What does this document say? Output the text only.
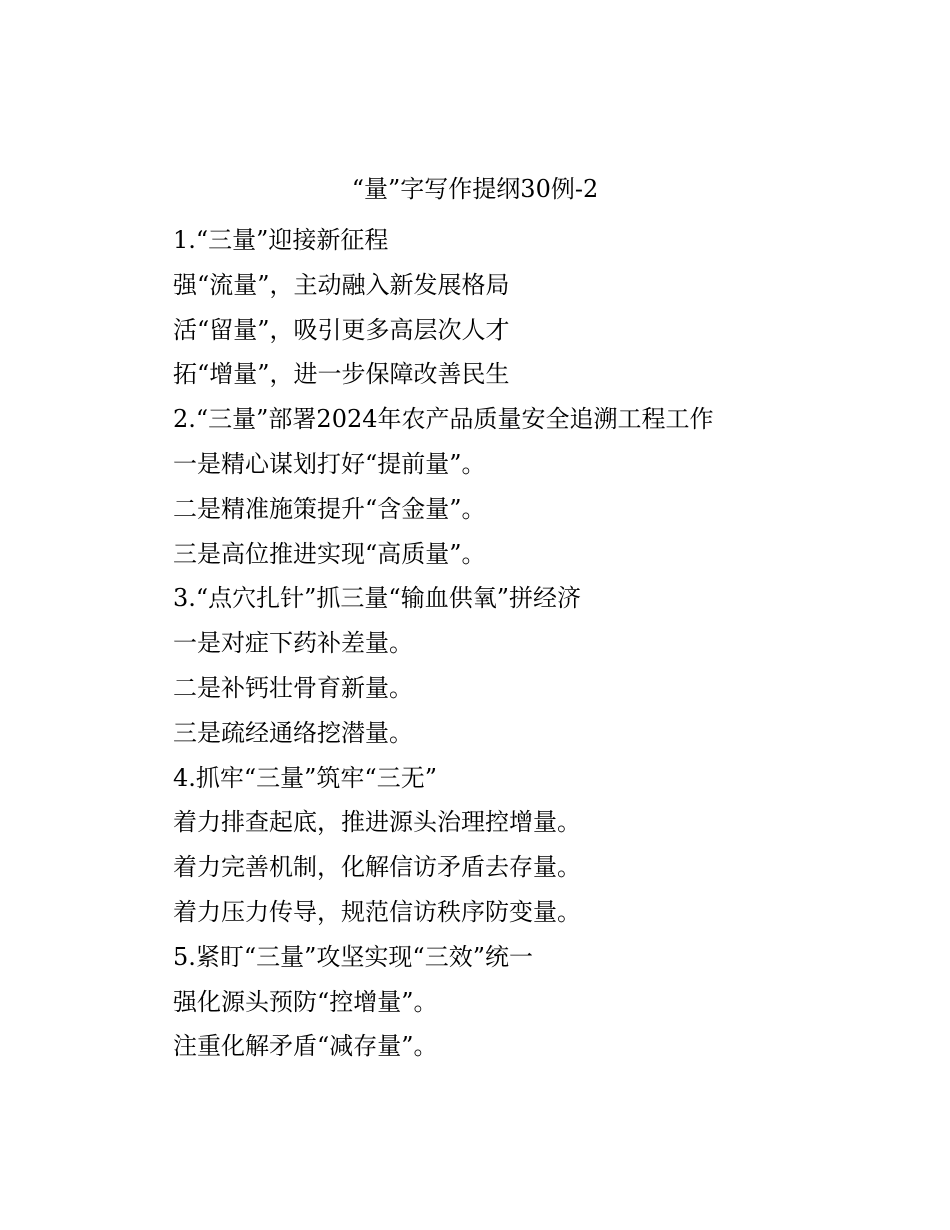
“量”字写作提纲30例-2
1.“三量”迎接新征程
强“流量”，主动融入新发展格局
活“留量”，吸引更多高层次人才
拓“增量”，进一步保障改善民生
2.“三量”部署2024年农产品质量安全追溯工程工作
一是精心谋划打好“提前量”。
二是精准施策提升“含金量”。
三是高位推进实现“高质量”。
3.“点穴扎针”抓三量“输血供氧”拼经济
一是对症下药补差量。
二是补钙壮骨育新量。
三是疏经通络挖潜量。
4.抓牢“三量”筑牢“三无”
着力排查起底，推进源头治理控增量。
着力完善机制，化解信访矛盾去存量。
着力压力传导，规范信访秩序防变量。
5.紧盯“三量”攻坚实现“三效”统一
强化源头预防“控增量”。
注重化解矛盾“减存量”。
